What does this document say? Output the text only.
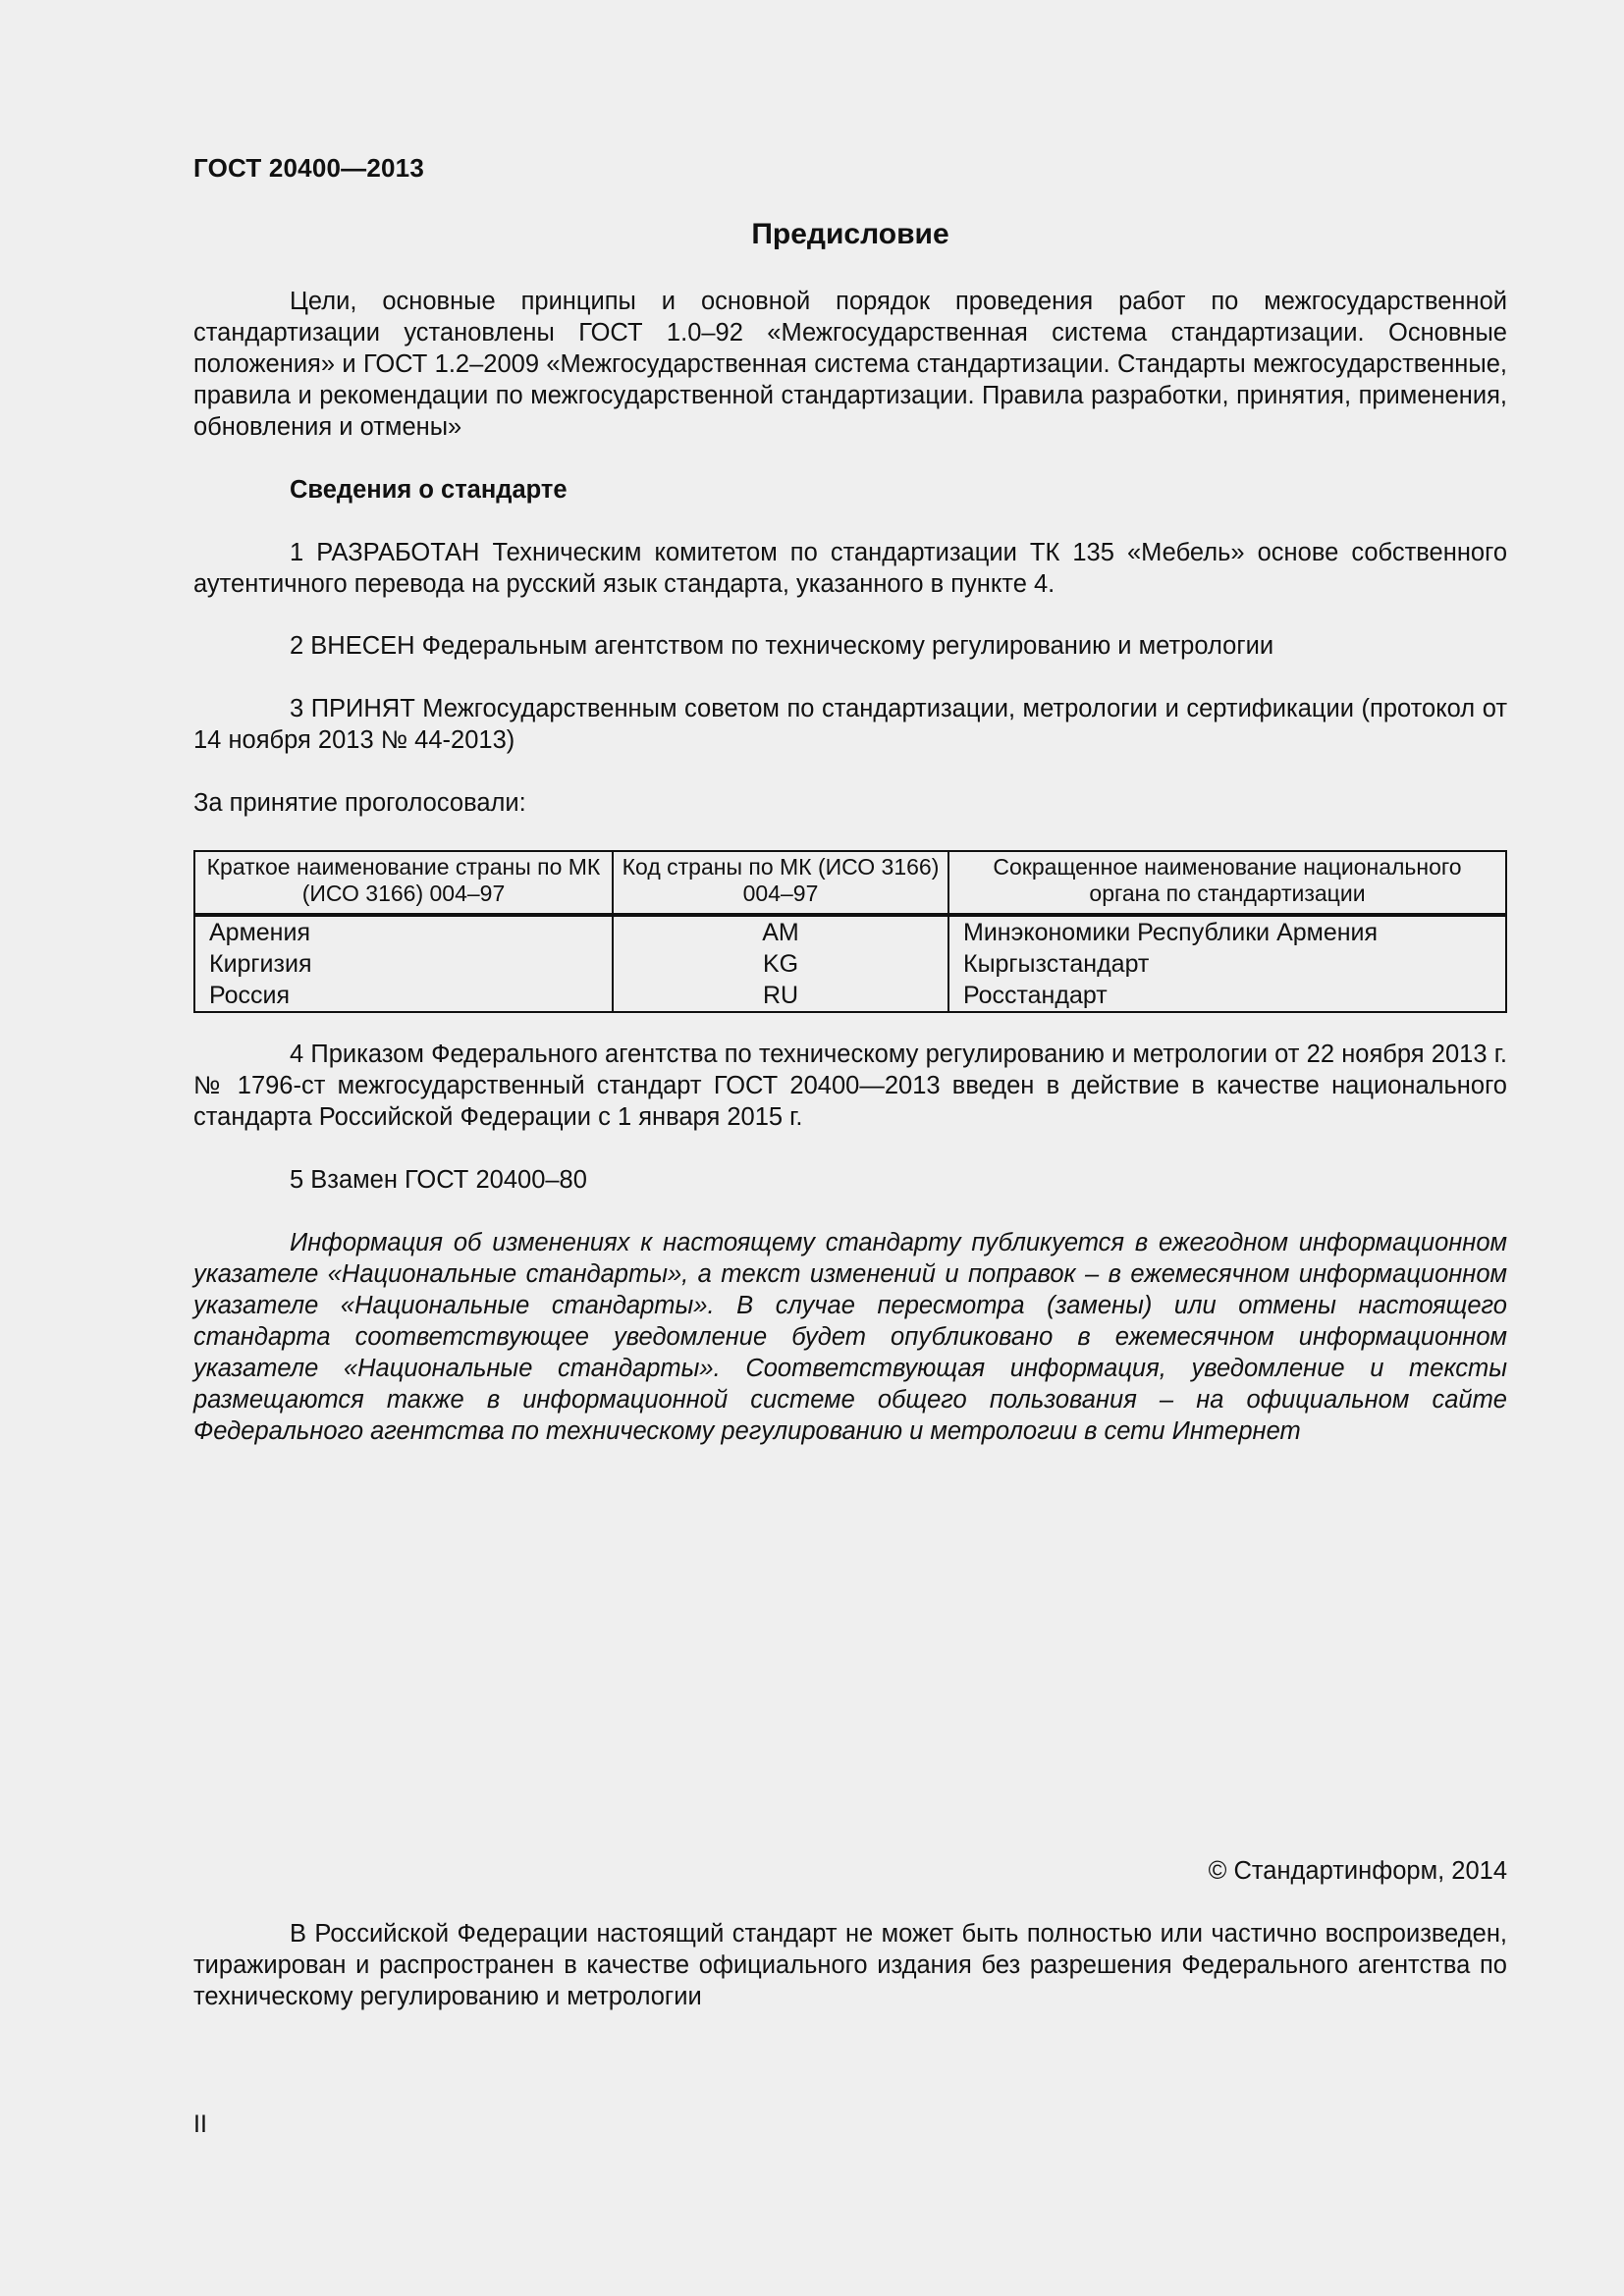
ГОСТ 20400—2013
Предисловие

Цели, основные принципы и основной порядок проведения работ по межгосударственной стандартизации установлены ГОСТ 1.0–92 «Межгосударственная система стандартизации. Основные положения» и ГОСТ 1.2–2009 «Межгосударственная система стандартизации. Стандарты межгосударственные, правила и рекомендации по межгосударственной стандартизации. Правила разработки, принятия, применения, обновления и отмены»

Сведения о стандарте

1 РАЗРАБОТАН Техническим комитетом по стандартизации ТК 135 «Мебель» основе собственного аутентичного перевода на русский язык стандарта, указанного в пункте 4.

2 ВНЕСЕН Федеральным агентством по техническому регулированию и метрологии

3 ПРИНЯТ Межгосударственным советом по стандартизации, метрологии и сертификации (протокол от 14 ноября 2013 № 44-2013)

За принятие проголосовали:

Краткое наименование страны по МК (ИСО 3166) 004–97	Код страны по МК (ИСО 3166) 004–97	Сокращенное наименование национального органа по стандартизации
Армения	AM	Минэкономики Республики Армения
Киргизия	KG	Кыргызстандарт
Россия	RU	Росстандарт

4 Приказом Федерального агентства по техническому регулированию и метрологии от 22 ноября 2013 г. № 1796-ст межгосударственный стандарт ГОСТ 20400—2013 введен в действие в качестве национального стандарта Российской Федерации с 1 января 2015 г.

5 Взамен ГОСТ 20400–80

Информация об изменениях к настоящему стандарту публикуется в ежегодном информационном указателе «Национальные стандарты», а текст изменений и поправок – в ежемесячном информационном указателе «Национальные стандарты». В случае пересмотра (замены) или отмены настоящего стандарта соответствующее уведомление будет опубликовано в ежемесячном информационном указателе «Национальные стандарты». Соответствующая информация, уведомление и тексты размещаются также в информационной системе общего пользования – на официальном сайте Федерального агентства по техническому регулированию и метрологии в сети Интернет

© Стандартинформ, 2014

В Российской Федерации настоящий стандарт не может быть полностью или частично воспроизведен, тиражирован и распространен в качестве официального издания без разрешения Федерального агентства по техническому регулированию и метрологии

II
